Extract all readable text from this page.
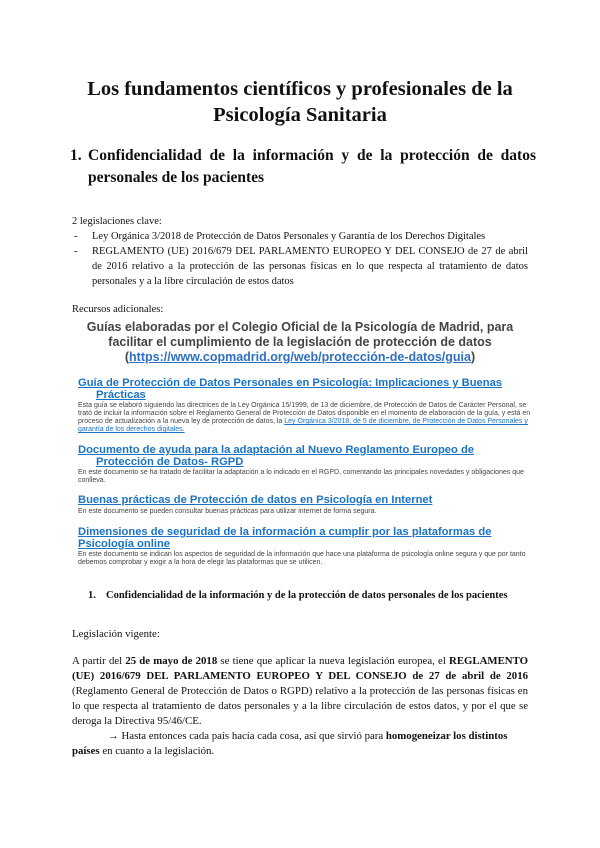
Los fundamentos científicos y profesionales de la
Psicología Sanitaria
1. Confidencialidad de la información y de la protección de datos personales de los pacientes
2 legislaciones clave:
- Ley Orgánica 3/2018 de Protección de Datos Personales y Garantía de los Derechos Digitales
- REGLAMENTO (UE) 2016/679 DEL PARLAMENTO EUROPEO Y DEL CONSEJO de 27 de abril de 2016 relativo a la protección de las personas físicas en lo que respecta al tratamiento de datos personales y a la libre circulación de estos datos
Recursos adicionales:
Guías elaboradas por el Colegio Oficial de la Psicología de Madrid, para
facilitar el cumplimiento de la legislación de protección de datos
(https://www.copmadrid.org/web/protección-de-datos/guia)
Guía de Protección de Datos Personales en Psicología: Implicaciones y Buenas
Prácticas
Esta guía se elaboró siguiendo las directrices de la Ley Orgánica 15/1999, de 13 de diciembre, de Protección de Datos de Carácter Personal, se trató de incluir la información sobre el Reglamento General de Protección de Datos disponible en el momento de elaboración de la guía, y está en proceso de actualización a la nueva ley de protección de datos, la Ley Orgánica 3/2018, de 5 de diciembre, de Protección de Datos Personales y garantía de los derechos digitales.
Documento de ayuda para la adaptación al Nuevo Reglamento Europeo de
Protección de Datos- RGPD
En este documento se ha tratado de facilitar la adaptación a lo indicado en el RGPD, comentando las principales novedades y obligaciones que conlleva.
Buenas prácticas de Protección de datos en Psicología en Internet
En este documento se pueden consultar buenas prácticas para utilizar internet de forma segura.
Dimensiones de seguridad de la información a cumplir por las plataformas de
Psicología online
En este documento se indican los aspectos de seguridad de la información que hace una plataforma de psicología online segura y que por tanto debemos comprobar y exigir a la hora de elegir las plataformas que se utilicen.
1. Confidencialidad de la información y de la protección de datos personales de los pacientes
Legislación vigente:
A partir del 25 de mayo de 2018 se tiene que aplicar la nueva legislación europea, el REGLAMENTO (UE) 2016/679 DEL PARLAMENTO EUROPEO Y DEL CONSEJO de 27 de abril de 2016 (Reglamento General de Protección de Datos o RGPD) relativo a la protección de las personas físicas en lo que respecta al tratamiento de datos personales y a la libre circulación de estos datos, y por el que se deroga la Directiva 95/46/CE.
→ Hasta entonces cada país hacía cada cosa, así que sirvió para homogeneizar los distintos países en cuanto a la legislación.
